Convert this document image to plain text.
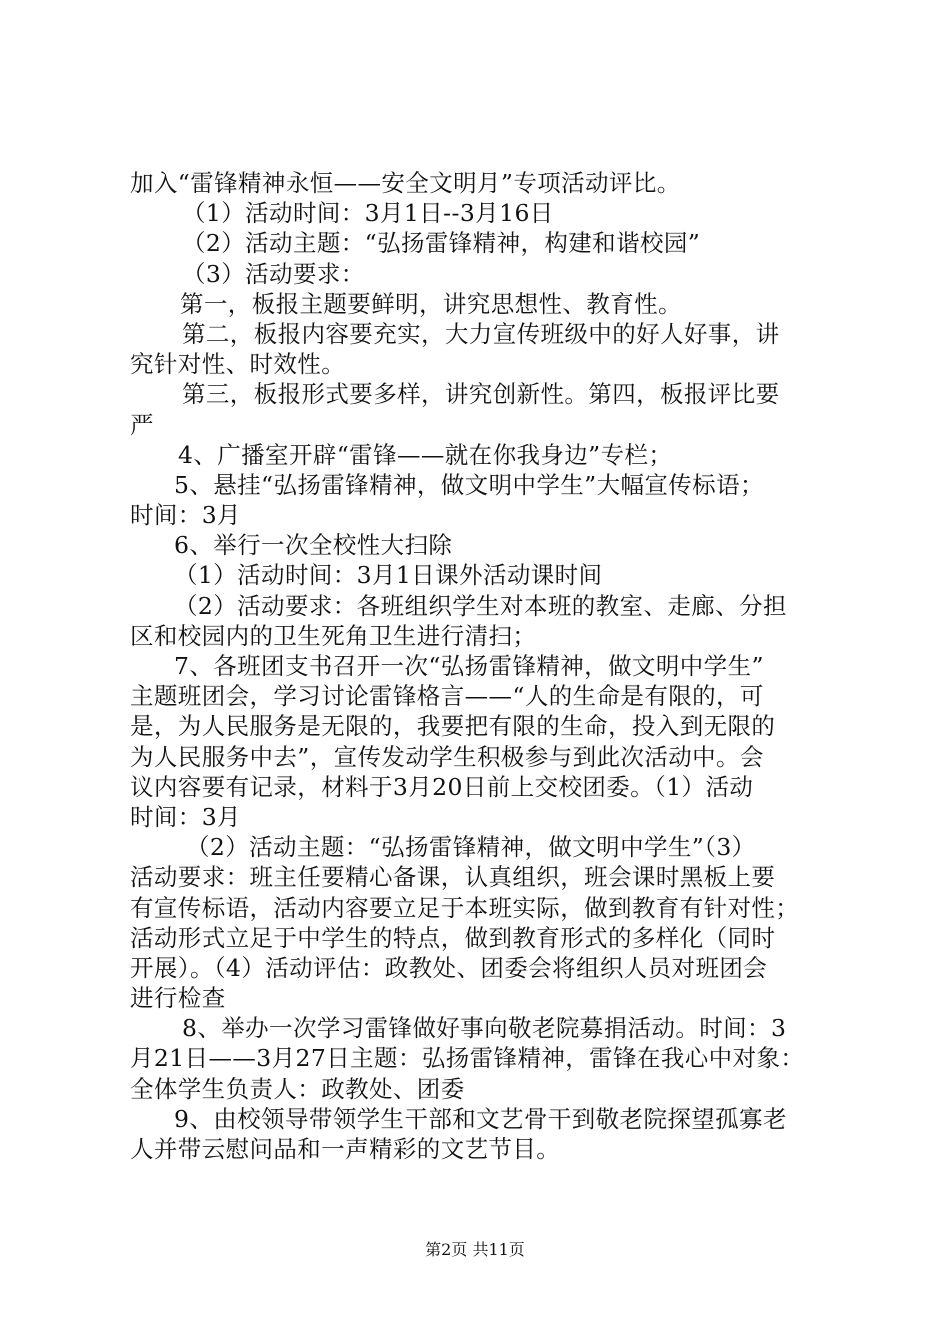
加入“雷锋精神永恒——安全文明月”专项活动评比。
（1）活动时间：3月1日--3月16日
（2）活动主题：“弘扬雷锋精神，构建和谐校园”
（3）活动要求：
第一，板报主题要鲜明，讲究思想性、教育性。
第二，板报内容要充实，大力宣传班级中的好人好事，讲
究针对性、时效性。
第三，板报形式要多样，讲究创新性。第四，板报评比要
严
4、广播室开辟“雷锋——就在你我身边”专栏；
5、悬挂“弘扬雷锋精神，做文明中学生”大幅宣传标语；
时间：3月
6、举行一次全校性大扫除
（1）活动时间：3月1日课外活动课时间
（2）活动要求：各班组织学生对本班的教室、走廊、分担
区和校园内的卫生死角卫生进行清扫；
7、各班团支书召开一次“弘扬雷锋精神，做文明中学生”
主题班团会，学习讨论雷锋格言——“人的生命是有限的，可
是，为人民服务是无限的，我要把有限的生命，投入到无限的
为人民服务中去”，宣传发动学生积极参与到此次活动中。会
议内容要有记录，材料于3月20日前上交校团委。（1）活动
时间：3月
（2）活动主题：“弘扬雷锋精神，做文明中学生”（3）
活动要求：班主任要精心备课，认真组织，班会课时黑板上要
有宣传标语，活动内容要立足于本班实际，做到教育有针对性；
活动形式立足于中学生的特点，做到教育形式的多样化（同时
开展）。（4）活动评估：政教处、团委会将组织人员对班团会
进行检查
8、举办一次学习雷锋做好事向敬老院募捐活动。时间：3
月21日——3月27日主题：弘扬雷锋精神，雷锋在我心中对象：
全体学生负责人：政教处、团委
9、由校领导带领学生干部和文艺骨干到敬老院探望孤寡老
人并带云慰问品和一声精彩的文艺节目。
第2页 共11页
